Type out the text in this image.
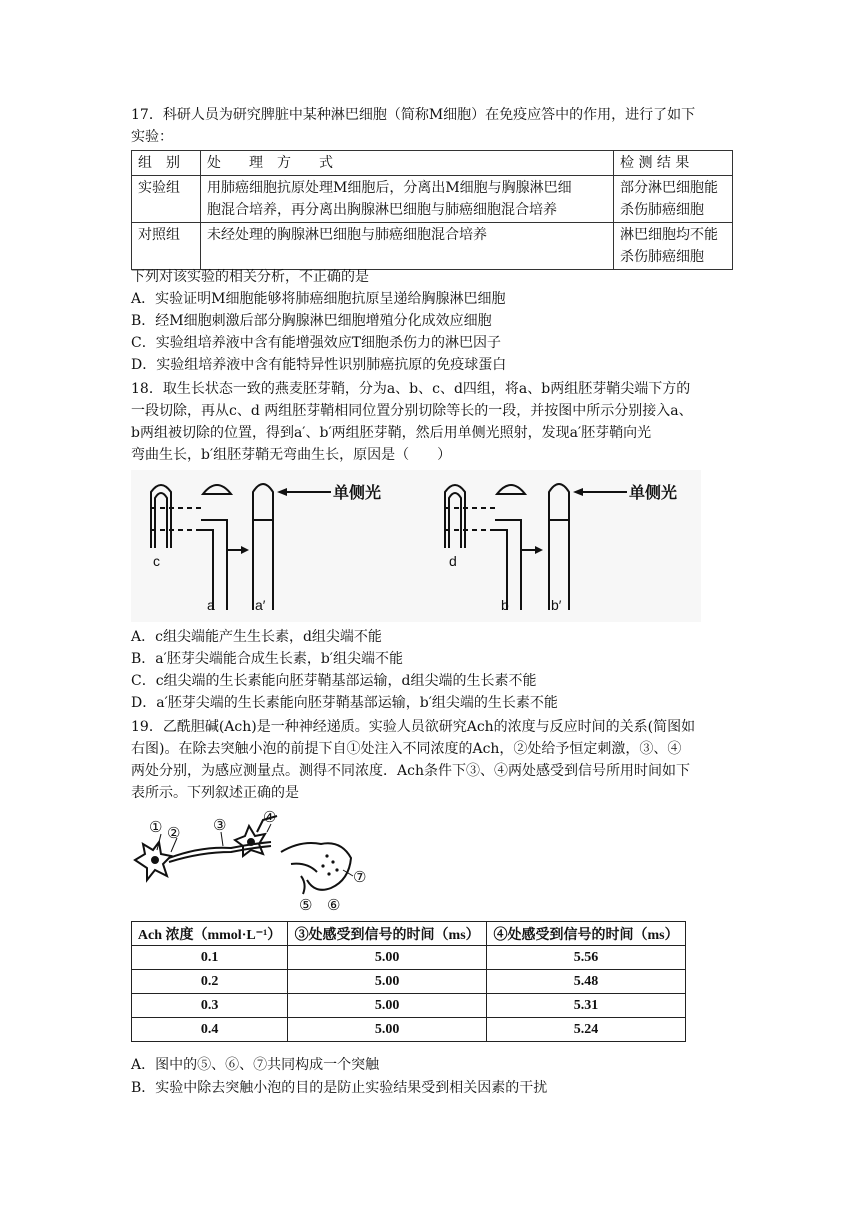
17．科研人员为研究脾脏中某种淋巴细胞（简称M细胞）在免疫应答中的作用，进行了如下
实验：
组　别	处　　理　方　　式	检 测 结 果
实验组	用肺癌细胞抗原处理M细胞后，分离出M细胞与胸腺淋巴细
胞混合培养，再分离出胸腺淋巴细胞与肺癌细胞混合培养	部分淋巴细胞能
杀伤肺癌细胞
对照组	未经处理的胸腺淋巴细胞与肺癌细胞混合培养	淋巴细胞均不能
杀伤肺癌细胞
下列对该实验的相关分析，不正确的是
A．实验证明M细胞能够将肺癌细胞抗原呈递给胸腺淋巴细胞
B．经M细胞刺激后部分胸腺淋巴细胞增殖分化成效应细胞
C．实验组培养液中含有能增强效应T细胞杀伤力的淋巴因子
D．实验组培养液中含有能特异性识别肺癌抗原的免疫球蛋白
18．取生长状态一致的燕麦胚芽鞘，分为a、b、c、d四组，将a、b两组胚芽鞘尖端下方的
一段切除，再从c、d 两组胚芽鞘相同位置分别切除等长的一段，并按图中所示分别接入a、
b两组被切除的位置，得到a′、b′两组胚芽鞘，然后用单侧光照射，发现a′胚芽鞘向光
弯曲生长，b′组胚芽鞘无弯曲生长，原因是（　　）
单侧光
c
a	a′
单侧光
d
b	b′
A．c组尖端能产生生长素，d组尖端不能
B．a′胚芽尖端能合成生长素，b′组尖端不能
C．c组尖端的生长素能向胚芽鞘基部运输，d组尖端的生长素不能
D．a′胚芽尖端的生长素能向胚芽鞘基部运输，b′组尖端的生长素不能
19．乙酰胆碱(Ach)是一种神经递质。实验人员欲研究Ach的浓度与反应时间的关系(简图如
右图)。在除去突触小泡的前提下自①处注入不同浓度的Ach，②处给予恒定刺激，③、④
两处分别，为感应测量点。测得不同浓度．Ach条件下③、④两处感受到信号所用时间如下
表所示。下列叙述正确的是
① ② ③ ④
⑤ ⑥
⑦
Ach 浓度（mmol·L⁻¹）	③处感受到信号的时间（ms）	④处感受到信号的时间（ms）
0.1	5.00	5.56
0.2	5.00	5.48
0.3	5.00	5.31
0.4	5.00	5.24
A．图中的⑤、⑥、⑦共同构成一个突触
B．实验中除去突触小泡的目的是防止实验结果受到相关因素的干扰
